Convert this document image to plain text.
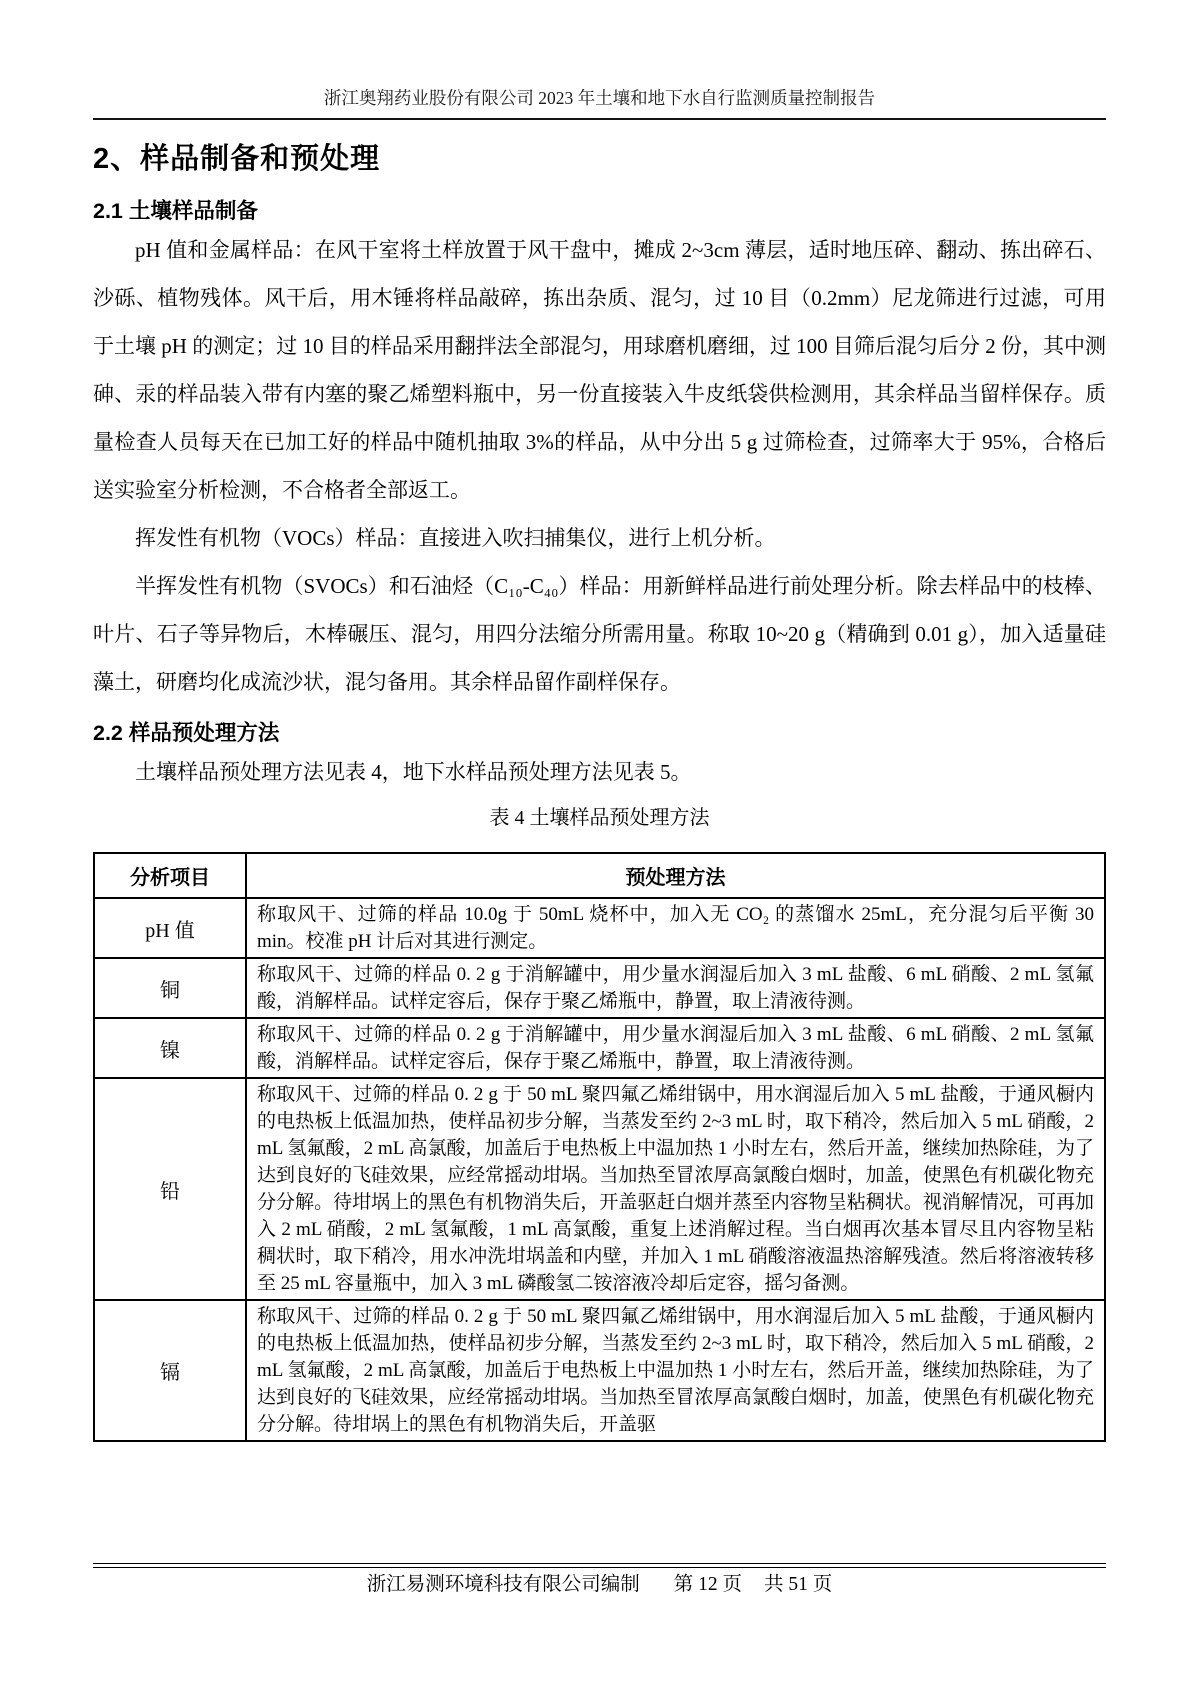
浙江奥翔药业股份有限公司 2023 年土壤和地下水自行监测质量控制报告
2、样品制备和预处理
2.1 土壤样品制备

pH 值和金属样品：在风干室将土样放置于风干盘中，摊成 2~3cm 薄层，适时地压碎、翻动、拣出碎石、沙砾、植物残体。风干后，用木锤将样品敲碎，拣出杂质、混匀，过 10 目（0.2mm）尼龙筛进行过滤，可用于土壤 pH 的测定；过 10 目的样品采用翻拌法全部混匀，用球磨机磨细，过 100 目筛后混匀后分 2 份，其中测砷、汞的样品装入带有内塞的聚乙烯塑料瓶中，另一份直接装入牛皮纸袋供检测用，其余样品当留样保存。质量检查人员每天在已加工好的样品中随机抽取 3%的样品，从中分出 5 g 过筛检查，过筛率大于 95%，合格后送实验室分析检测，不合格者全部返工。

挥发性有机物（VOCs）样品：直接进入吹扫捕集仪，进行上机分析。

半挥发性有机物（SVOCs）和石油烃（C₁₀-C₄₀）样品：用新鲜样品进行前处理分析。除去样品中的枝棒、叶片、石子等异物后，木棒碾压、混匀，用四分法缩分所需用量。称取 10~20 g（精确到 0.01 g），加入适量硅藻土，研磨均化成流沙状，混匀备用。其余样品留作副样保存。

2.2 样品预处理方法

土壤样品预处理方法见表 4，地下水样品预处理方法见表 5。

表 4 土壤样品预处理方法
分析项目	预处理方法
pH 值	称取风干、过筛的样品 10.0g 于 50mL 烧杯中，加入无 CO₂ 的蒸馏水 25mL，充分混匀后平衡 30 min。校准 pH 计后对其进行测定。
铜	称取风干、过筛的样品 0. 2 g 于消解罐中，用少量水润湿后加入 3 mL 盐酸、6 mL 硝酸、2 mL 氢氟酸，消解样品。试样定容后，保存于聚乙烯瓶中，静置，取上清液待测。
镍	称取风干、过筛的样品 0. 2 g 于消解罐中，用少量水润湿后加入 3 mL 盐酸、6 mL 硝酸、2 mL 氢氟酸，消解样品。试样定容后，保存于聚乙烯瓶中，静置，取上清液待测。
铅	称取风干、过筛的样品 0. 2 g 于 50 mL 聚四氟乙烯绀锅中，用水润湿后加入 5 mL 盐酸，于通风橱内的电热板上低温加热，使样品初步分解，当蒸发至约 2~3 mL 时，取下稍冷，然后加入 5 mL 硝酸，2 mL 氢氟酸，2 mL 高氯酸，加盖后于电热板上中温加热 1 小时左右，然后开盖，继续加热除硅，为了达到良好的飞硅效果，应经常摇动坩埚。当加热至冒浓厚高氯酸白烟时，加盖，使黑色有机碳化物充分分解。待坩埚上的黑色有机物消失后，开盖驱赶白烟并蒸至内容物呈粘稠状。视消解情况，可再加入 2 mL 硝酸，2 mL 氢氟酸，1 mL 高氯酸，重复上述消解过程。当白烟再次基本冒尽且内容物呈粘稠状时，取下稍冷，用水冲洗坩埚盖和内壁，并加入 1 mL 硝酸溶液温热溶解残渣。然后将溶液转移至 25 mL 容量瓶中，加入 3 mL 磷酸氢二铵溶液冷却后定容，摇匀备测。
镉	称取风干、过筛的样品 0. 2 g 于 50 mL 聚四氟乙烯绀锅中，用水润湿后加入 5 mL 盐酸，于通风橱内的电热板上低温加热，使样品初步分解，当蒸发至约 2~3 mL 时，取下稍冷，然后加入 5 mL 硝酸，2 mL 氢氟酸，2 mL 高氯酸，加盖后于电热板上中温加热 1 小时左右，然后开盖，继续加热除硅，为了达到良好的飞硅效果，应经常摇动坩埚。当加热至冒浓厚高氯酸白烟时，加盖，使黑色有机碳化物充分分解。待坩埚上的黑色有机物消失后，开盖驱
浙江易测环境科技有限公司编制 第 12 页 共 51 页
